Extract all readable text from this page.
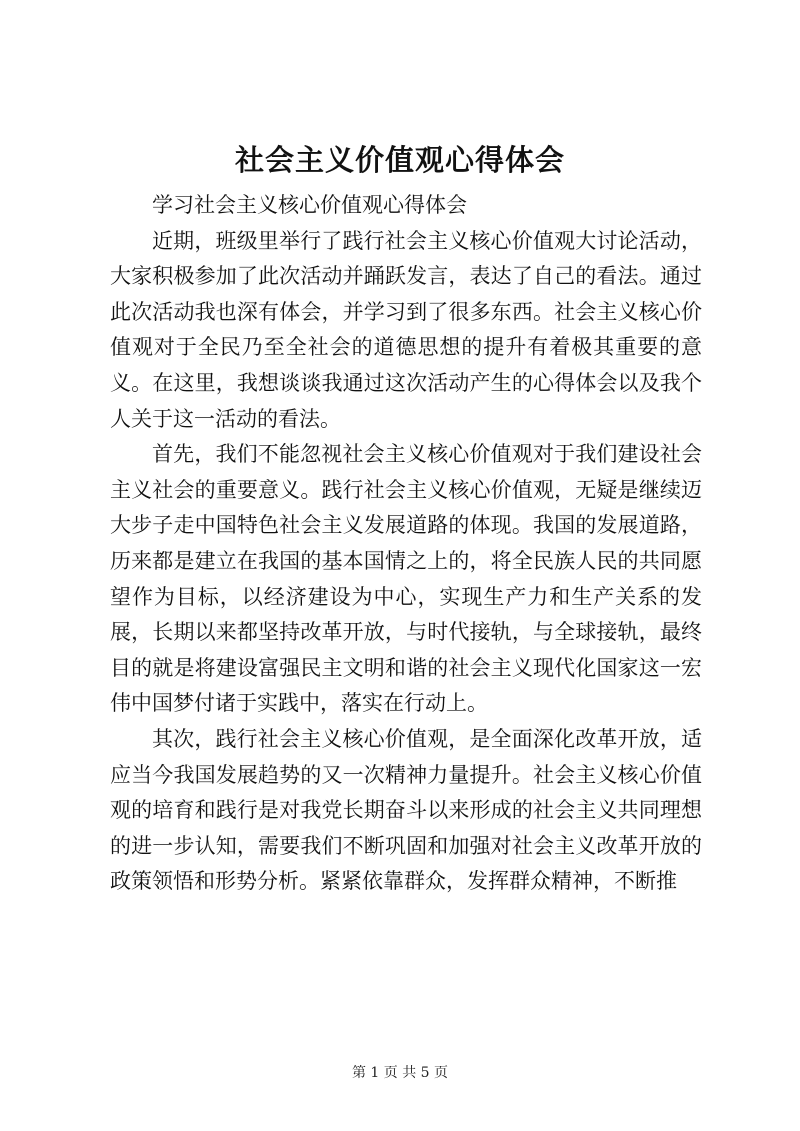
社会主义价值观心得体会

学习社会主义核心价值观心得体会

近期，班级里举行了践行社会主义核心价值观大讨论活动，大家积极参加了此次活动并踊跃发言，表达了自己的看法。通过此次活动我也深有体会，并学习到了很多东西。社会主义核心价值观对于全民乃至全社会的道德思想的提升有着极其重要的意义。在这里，我想谈谈我通过这次活动产生的心得体会以及我个人关于这一活动的看法。

首先，我们不能忽视社会主义核心价值观对于我们建设社会主义社会的重要意义。践行社会主义核心价值观，无疑是继续迈大步子走中国特色社会主义发展道路的体现。我国的发展道路，历来都是建立在我国的基本国情之上的，将全民族人民的共同愿望作为目标，以经济建设为中心，实现生产力和生产关系的发展，长期以来都坚持改革开放，与时代接轨，与全球接轨，最终目的就是将建设富强民主文明和谐的社会主义现代化国家这一宏伟中国梦付诸于实践中，落实在行动上。

其次，践行社会主义核心价值观，是全面深化改革开放，适应当今我国发展趋势的又一次精神力量提升。社会主义核心价值观的培育和践行是对我党长期奋斗以来形成的社会主义共同理想的进一步认知，需要我们不断巩固和加强对社会主义改革开放的政策领悟和形势分析。紧紧依靠群众，发挥群众精神，不断推

第 1 页 共 5 页
